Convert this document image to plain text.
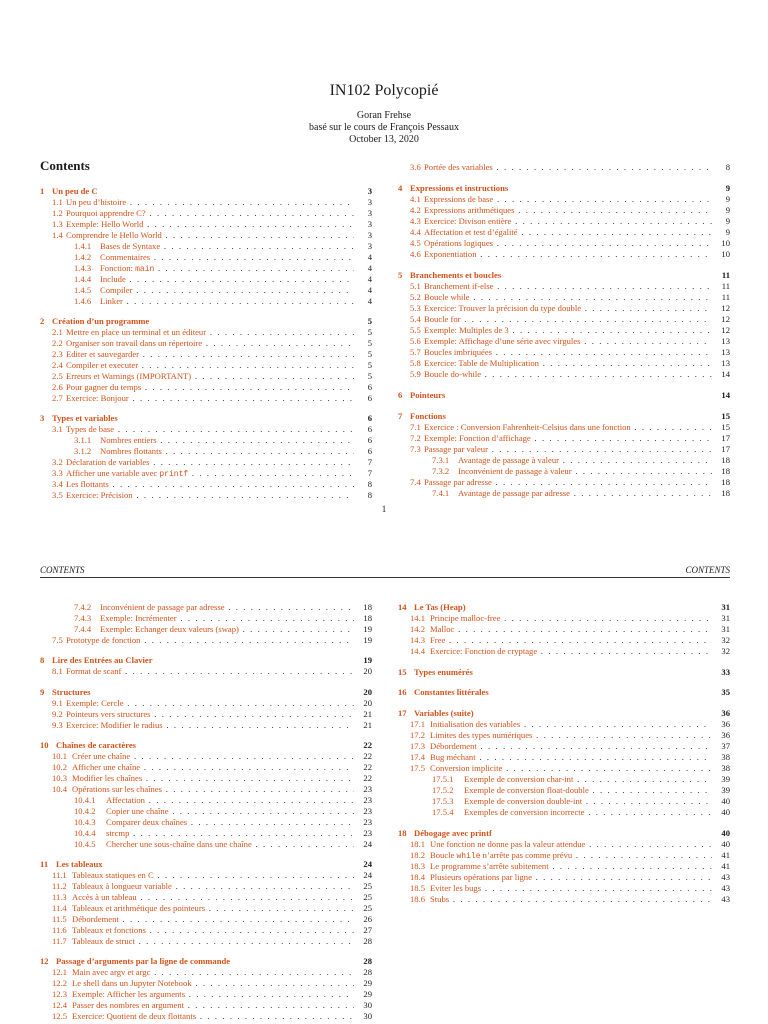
IN102 Polycopié
Goran Frehse
basé sur le cours de François Pessaux
October 13, 2020
Contents
1 Un peu de C	3
1.1 Un peu d’histoire . . .	3
1.2 Pourquoi apprendre C? . . .	3
1.3 Exemple: Hello World . . .	3
1.4 Comprendre le Hello World . . .	3
1.4.1 Bases de Syntaxe . . .	3
1.4.2 Commentaires . . .	4
1.4.3 Fonction: main . . .	4
1.4.4 Include . . .	4
1.4.5 Compiler . . .	4
1.4.6 Linker . . .	4
2 Création d’un programme	5
2.1 Mettre en place un terminal et un éditeur . . .	5
2.2 Organiser son travail dans un répertoire . . .	5
2.3 Editer et sauvegarder . . .	5
2.4 Compiler et executer . . .	5
2.5 Erreurs et Warnings (IMPORTANT) . . .	5
2.6 Pour gagner du temps . . .	6
2.7 Exercice: Bonjour . . .	6
3 Types et variables	6
3.1 Types de base . . .	6
3.1.1 Nombres entiers . . .	6
3.1.2 Nombres flottants . . .	6
3.2 Déclaration de variables . . .	7
3.3 Afficher une variable avec printf . . .	7
3.4 Les flottants . . .	8
3.5 Exercice: Précision . . .	8
3.6 Portée des variables . . .	8
4 Expressions et instructions	9
4.1 Expressions de base . . .	9
4.2 Expressions arithmétiques . . .	9
4.3 Exercice: Divison entière . . .	9
4.4 Affectation et test d’égalité . . .	9
4.5 Opérations logiques . . .	10
4.6 Exponentiation . . .	10
5 Branchements et boucles	11
5.1 Branchement if-else . . .	11
5.2 Boucle while . . .	11
5.3 Exercice: Trouver la précision du type double . . .	12
5.4 Boucle for . . .	12
5.5 Exemple: Multiples de 3 . . .	12
5.6 Exemple: Affichage d’une série avec virgules . . .	13
5.7 Boucles imbriquées . . .	13
5.8 Exercice: Table de Multiplication . . .	13
5.9 Boucle do-while . . .	14
6 Pointeurs	14
7 Fonctions	15
7.1 Exercice : Conversion Fahrenheit-Celsius dans une fonction . . .	15
7.2 Exemple: Fonction d’affichage . . .	17
7.3 Passage par valeur . . .	17
7.3.1 Avantage de passage à valeur . . .	18
7.3.2 Inconvénient de passage à valeur . . .	18
7.4 Passage par adresse . . .	18
7.4.1 Avantage de passage par adresse . . .	18
1
CONTENTS	CONTENTS
7.4.2 Inconvénient de passage par adresse . . .	18
7.4.3 Exemple: Incrémenter . . .	18
7.4.4 Exemple: Echanger deux valeurs (swap) . . .	19
7.5 Prototype de fonction . . .	19
8 Lire des Entrées au Clavier	19
8.1 Format de scanf . . .	20
9 Structures	20
9.1 Exemple: Cercle . . .	20
9.2 Pointeurs vers structures . . .	21
9.3 Exercice: Modifier le radius . . .	21
10 Chaînes de caractères	22
10.1 Créer une chaîne . . .	22
10.2 Afficher une chaîne . . .	22
10.3 Modifier les chaînes . . .	22
10.4 Opérations sur les chaînes . . .	23
10.4.1 Affectation . . .	23
10.4.2 Copier une chaîne . . .	23
10.4.3 Comparer deux chaînes . . .	23
10.4.4 strcmp . . .	23
10.4.5 Chercher une sous-chaîne dans une chaîne . . .	24
11 Les tableaux	24
11.1 Tableaux statiques en C . . .	24
11.2 Tableaux à longueur variable . . .	25
11.3 Accès à un tableau . . .	25
11.4 Tableaux et arithmétique des pointeurs . . .	25
11.5 Débordement . . .	26
11.6 Tableaux et fonctions . . .	27
11.7 Tableaux de struct . . .	28
12 Passage d’arguments par la ligne de commande	28
12.1 Main avec argv et argc . . .	28
12.2 Le shell dans un Jupyter Notebook . . .	29
12.3 Exemple: Afficher les arguments . . .	29
12.4 Passer des nombres en argument . . .	30
12.5 Exercice: Quotient de deux flottants . . .	30
14 Le Tas (Heap)	31
14.1 Principe malloc-free . . .	31
14.2 Malloc . . .	31
14.3 Free . . .	32
14.4 Exercice: Fonction de cryptage . . .	32
15 Types enumérés	33
16 Constantes littérales	35
17 Variables (suite)	36
17.1 Initialisation des variables . . .	36
17.2 Limites des types numériques . . .	36
17.3 Débordement . . .	37
17.4 Bug méchant . . .	38
17.5 Conversion implicite . . .	38
17.5.1 Exemple de conversion char-int . . .	39
17.5.2 Exemple de conversion float-double . . .	39
17.5.3 Exemple de conversion double-int . . .	40
17.5.4 Exemples de conversion incorrecte . . .	40
18 Débogage avec printf	40
18.1 Une fonction ne donne pas la valeur attendue . . .	40
18.2 Boucle while n’arrête pas comme prévu . . .	41
18.3 Le programme s’arrête subitement . . .	41
18.4 Plusieurs opérations par ligne . . .	43
18.5 Eviter les bugs . . .	43
18.6 Stubs . . .	43
